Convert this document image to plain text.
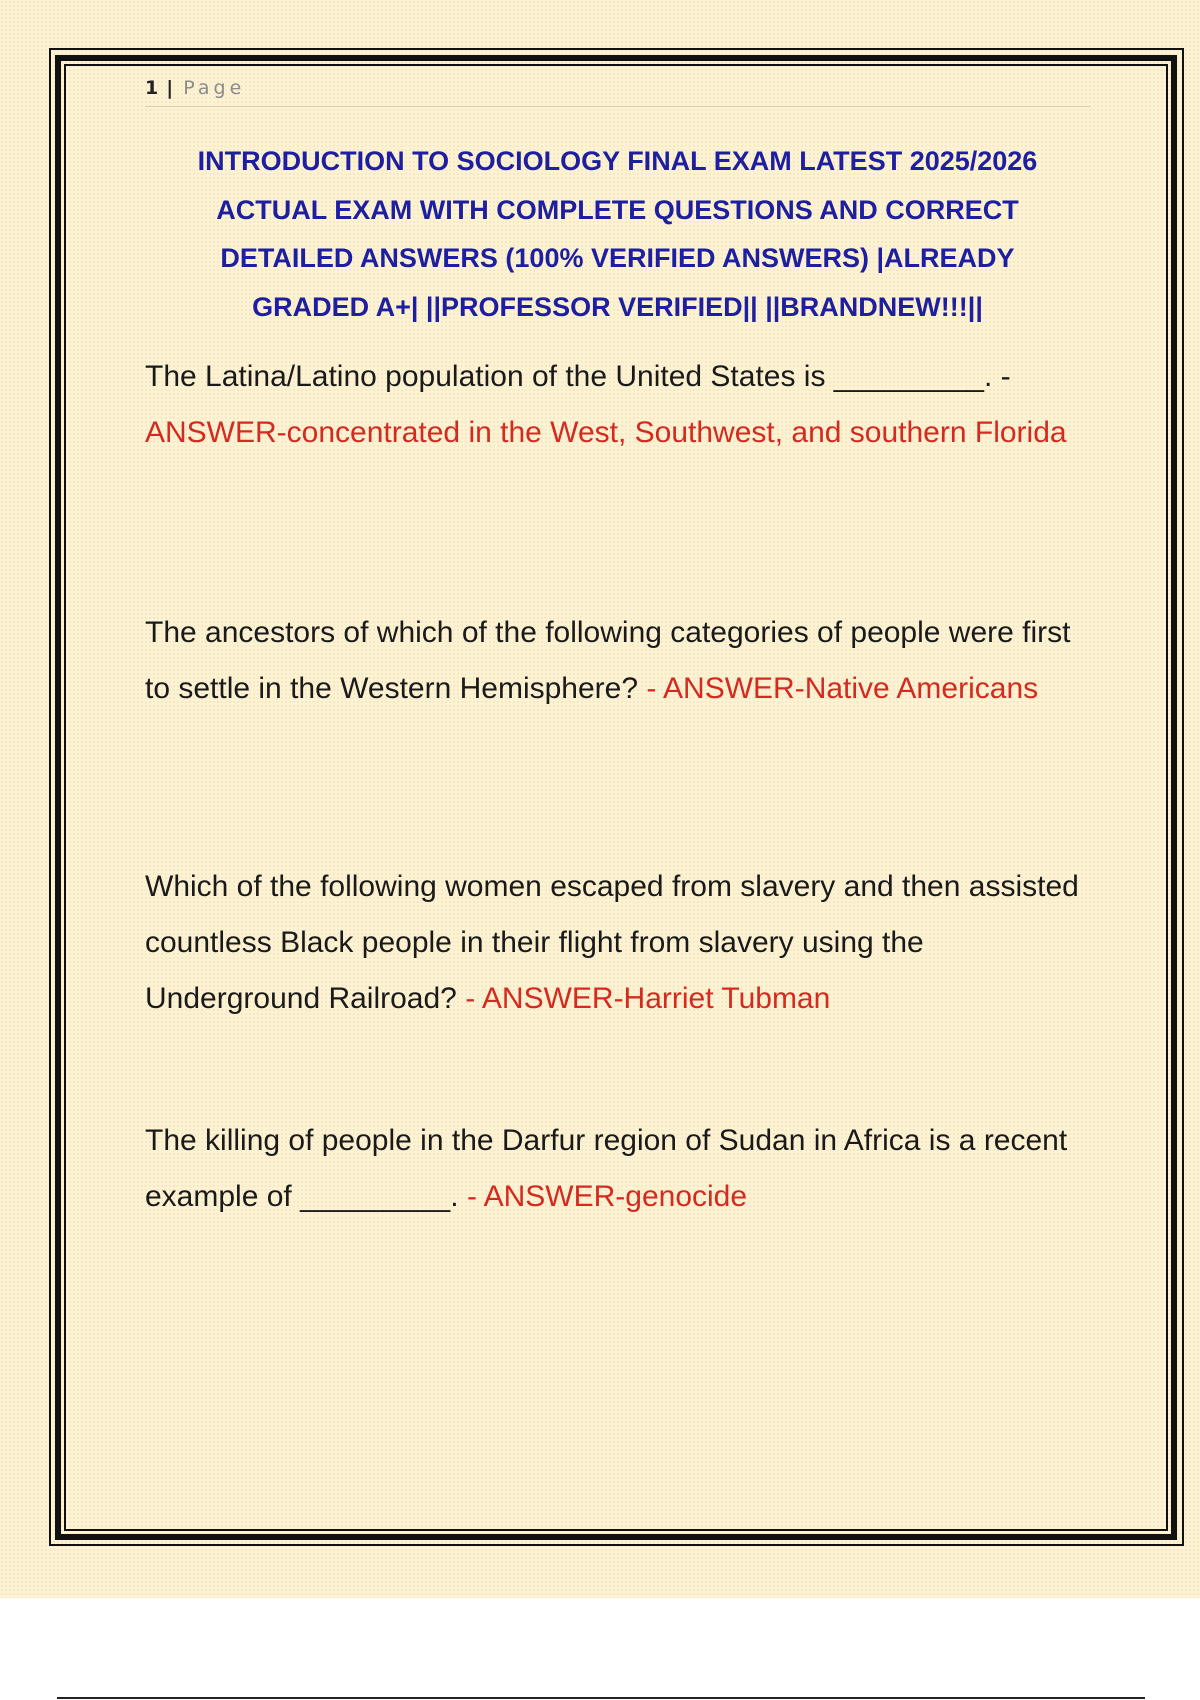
1 | Page
INTRODUCTION TO SOCIOLOGY FINAL EXAM LATEST 2025/2026
ACTUAL EXAM WITH COMPLETE QUESTIONS AND CORRECT
DETAILED ANSWERS (100% VERIFIED ANSWERS) |ALREADY
GRADED A+| ||PROFESSOR VERIFIED|| ||BRANDNEW!!!||
The Latina/Latino population of the United States is _________. - ANSWER-concentrated in the West, Southwest, and southern Florida
The ancestors of which of the following categories of people were first to settle in the Western Hemisphere? - ANSWER-Native Americans
Which of the following women escaped from slavery and then assisted countless Black people in their flight from slavery using the Underground Railroad? - ANSWER-Harriet Tubman
The killing of people in the Darfur region of Sudan in Africa is a recent example of _________. - ANSWER-genocide
